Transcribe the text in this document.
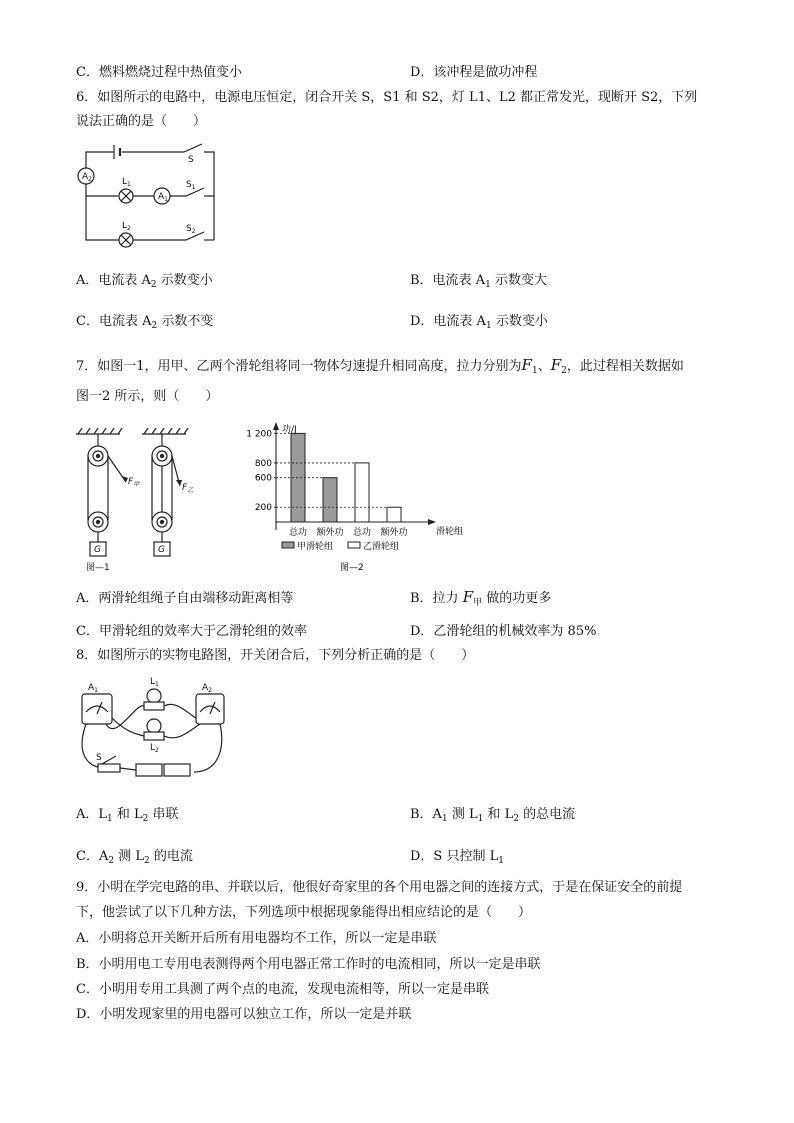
C．燃料燃烧过程中热值变小	D．该冲程是做功冲程
6．如图所示的电路中，电源电压恒定，闭合开关 S，S1 和 S2，灯 L1、L2 都正常发光，现断开 S2，下列
说法正确的是（　　）
$A_2$
$A_1$
$L_1$
$L_2$
S
$S_1$
$S_2$
A．电流表 $A_2$ 示数变小	B．电流表 $A_1$ 示数变大
C．电流表 $A_2$ 示数不变	D．电流表 $A_1$ 示数变小
7．如图一1，用甲、乙两个滑轮组将同一物体匀速提升相同高度，拉力分别为$F_1$、$F_2$，此过程相关数据如
图一2 所示，则（　　）
$F_甲$	$F_乙$
G	G
图—1
200
600
800
1 200
总功 额外功 总功 额外功
功/J
滑轮组
甲滑轮组	乙滑轮组
图—2
A．两滑轮组绳子自由端移动距离相等	B．拉力 $F_甲$ 做的功更多
C．甲滑轮组的效率大于乙滑轮组的效率	D．乙滑轮组的机械效率为 85%
8．如图所示的实物电路图，开关闭合后，下列分析正确的是（　　）
$A_1$	$A_2$
$L_1$
$L_2$
S
A．$L_1$ 和 $L_2$ 串联	B．$A_1$ 测 $L_1$ 和 $L_2$ 的总电流
C．$A_2$ 测 $L_2$ 的电流	D．S 只控制 $L_1$
9．小明在学完电路的串、并联以后，他很好奇家里的各个用电器之间的连接方式，于是在保证安全的前提
下，他尝试了以下几种方法，下列选项中根据现象能得出相应结论的是（　　）
A．小明将总开关断开后所有用电器均不工作，所以一定是串联
B．小明用电工专用电表测得两个用电器正常工作时的电流相同，所以一定是串联
C．小明用专用工具测了两个点的电流，发现电流相等，所以一定是串联
D．小明发现家里的用电器可以独立工作，所以一定是并联
